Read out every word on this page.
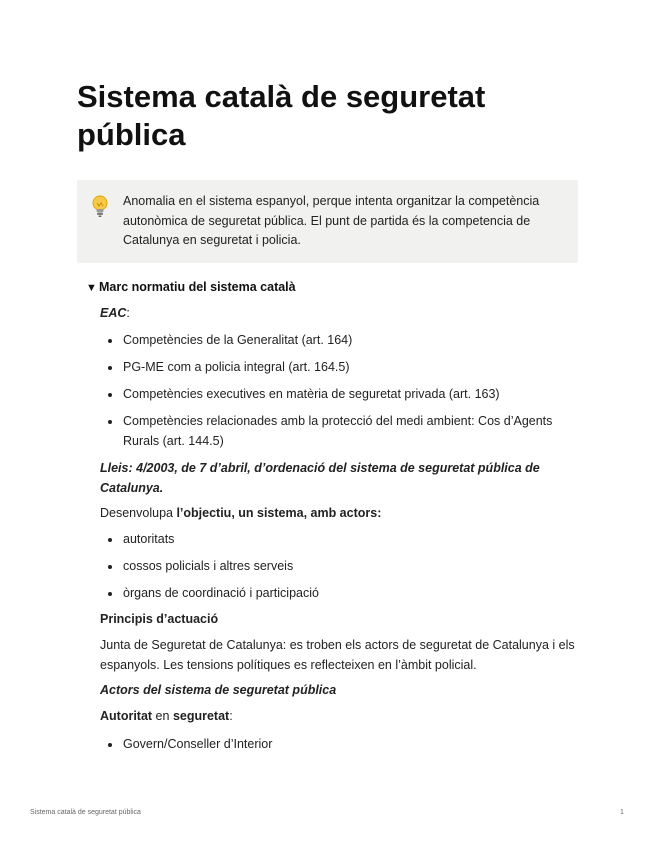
Sistema català de seguretat pública
Anomalia en el sistema espanyol, perque intenta organitzar la competència autonòmica de seguretat pública. El punt de partida és la competencia de Catalunya en seguretat i policia.
▼ Marc normatiu del sistema català
EAC:
Competències de la Generalitat (art. 164)
PG-ME com a policia integral (art. 164.5)
Competències executives en matèria de seguretat privada (art. 163)
Competències relacionades amb la protecció del medi ambient: Cos d’Agents Rurals (art. 144.5)
Lleis: 4/2003, de 7 d’abril, d’ordenació del sistema de seguretat pública de Catalunya.
Desenvolupa l’objectiu, un sistema, amb actors:
autoritats
cossos policials i altres serveis
òrgans de coordinació i participació
Principis d’actuació
Junta de Seguretat de Catalunya: es troben els actors de seguretat de Catalunya i els espanyols. Les tensions polítiques es reflecteixen en l’àmbit policial.
Actors del sistema de seguretat pública
Autoritat en seguretat:
Govern/Conseller d’Interior
Sistema català de seguretat pública	1
